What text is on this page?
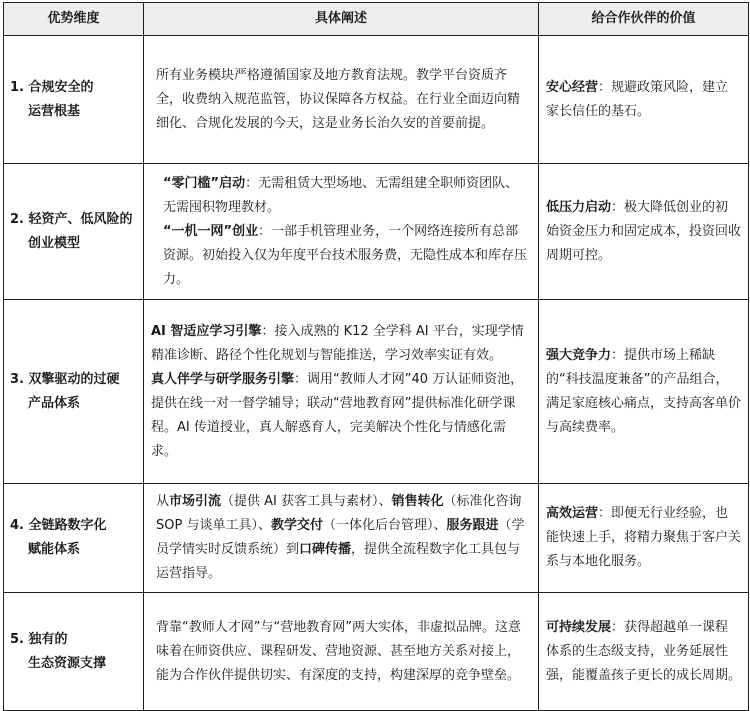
优势维度	具体阐述	给合作伙伴的价值

1. 合规安全的
运营根基	所有业务模块严格遵循国家及地方教育法规。教学平台资质齐全，收费纳入规范监管，协议保障各方权益。在行业全面迈向精细化、合规化发展的今天，这是业务长治久安的首要前提。	安心经营：规避政策风险，建立家长信任的基石。

2. 轻资产、低风险的
创业模型	“零门槛”启动：无需租赁大型场地、无需组建全职师资团队、无需囤积物理教材。
“一机一网”创业：一部手机管理业务，一个网络连接所有总部资源。初始投入仅为年度平台技术服务费，无隐性成本和库存压力。	低压力启动：极大降低创业的初始资金压力和固定成本，投资回收周期可控。

3. 双擎驱动的过硬
产品体系	AI 智适应学习引擎：接入成熟的 K12 全学科 AI 平台，实现学情精准诊断、路径个性化规划与智能推送，学习效率实证有效。
真人伴学与研学服务引擎：调用“教师人才网”40 万认证师资池，提供在线一对一督学辅导；联动“营地教育网”提供标准化研学课程。AI 传道授业，真人解惑育人，完美解决个性化与情感化需求。	强大竞争力：提供市场上稀缺的“科技温度兼备”的产品组合，满足家庭核心痛点，支持高客单价与高续费率。

4. 全链路数字化
赋能体系	从市场引流（提供 AI 获客工具与素材）、销售转化（标准化咨询 SOP 与谈单工具）、教学交付（一体化后台管理）、服务跟进（学员学情实时反馈系统）到口碑传播，提供全流程数字化工具包与运营指导。	高效运营：即便无行业经验，也能快速上手，将精力聚焦于客户关系与本地化服务。

5. 独有的
生态资源支撑	背靠“教师人才网”与“营地教育网”两大实体，非虚拟品牌。这意味着在师资供应、课程研发、营地资源、甚至地方关系对接上，能为合作伙伴提供切实、有深度的支持，构建深厚的竞争壁垒。	可持续发展：获得超越单一课程体系的生态级支持，业务延展性强，能覆盖孩子更长的成长周期。
